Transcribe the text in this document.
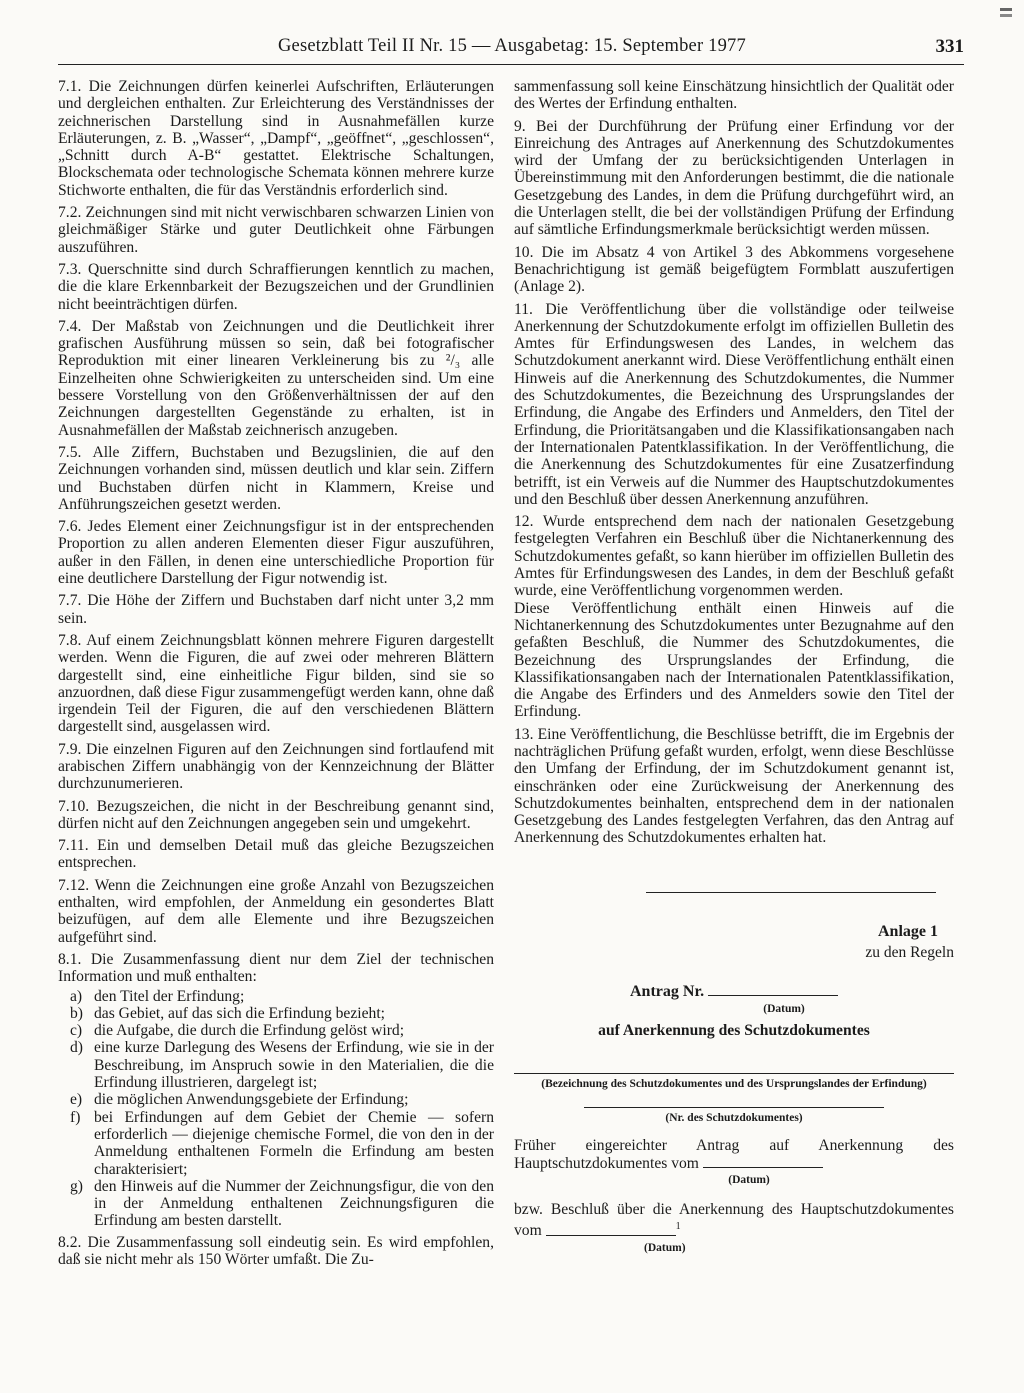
Gesetzblatt Teil II Nr. 15 — Ausgabetag: 15. September 1977	331

7.1. Die Zeichnungen dürfen keinerlei Aufschriften, Erläuterungen und dergleichen enthalten. Zur Erleichterung des Verständnisses der zeichnerischen Darstellung sind in Ausnahmefällen kurze Erläuterungen, z. B. „Wasser“, „Dampf“, „geöffnet“, „geschlossen“, „Schnitt durch A-B“ gestattet. Elektrische Schaltungen, Blockschemata oder technologische Schemata können mehrere kurze Stichworte enthalten, die für das Verständnis erforderlich sind.

7.2. Zeichnungen sind mit nicht verwischbaren schwarzen Linien von gleichmäßiger Stärke und guter Deutlichkeit ohne Färbungen auszuführen.

7.3. Querschnitte sind durch Schraffierungen kenntlich zu machen, die die klare Erkennbarkeit der Bezugszeichen und der Grundlinien nicht beeinträchtigen dürfen.

7.4. Der Maßstab von Zeichnungen und die Deutlichkeit ihrer grafischen Ausführung müssen so sein, daß bei fotografischer Reproduktion mit einer linearen Verkleinerung bis zu ²/₃ alle Einzelheiten ohne Schwierigkeiten zu unterscheiden sind. Um eine bessere Vorstellung von den Größenverhältnissen der auf den Zeichnungen dargestellten Gegenstände zu erhalten, ist in Ausnahmefällen der Maßstab zeichnerisch anzugeben.

7.5. Alle Ziffern, Buchstaben und Bezugslinien, die auf den Zeichnungen vorhanden sind, müssen deutlich und klar sein. Ziffern und Buchstaben dürfen nicht in Klammern, Kreise und Anführungszeichen gesetzt werden.

7.6. Jedes Element einer Zeichnungsfigur ist in der entsprechenden Proportion zu allen anderen Elementen dieser Figur auszuführen, außer in den Fällen, in denen eine unterschiedliche Proportion für eine deutlichere Darstellung der Figur notwendig ist.

7.7. Die Höhe der Ziffern und Buchstaben darf nicht unter 3,2 mm sein.

7.8. Auf einem Zeichnungsblatt können mehrere Figuren dargestellt werden. Wenn die Figuren, die auf zwei oder mehreren Blättern dargestellt sind, eine einheitliche Figur bilden, sind sie so anzuordnen, daß diese Figur zusammengefügt werden kann, ohne daß irgendein Teil der Figuren, die auf den verschiedenen Blättern dargestellt sind, ausgelassen wird.

7.9. Die einzelnen Figuren auf den Zeichnungen sind fortlaufend mit arabischen Ziffern unabhängig von der Kennzeichnung der Blätter durchzunumerieren.

7.10. Bezugszeichen, die nicht in der Beschreibung genannt sind, dürfen nicht auf den Zeichnungen angegeben sein und umgekehrt.

7.11. Ein und demselben Detail muß das gleiche Bezugszeichen entsprechen.

7.12. Wenn die Zeichnungen eine große Anzahl von Bezugszeichen enthalten, wird empfohlen, der Anmeldung ein gesondertes Blatt beizufügen, auf dem alle Elemente und ihre Bezugszeichen aufgeführt sind.

8.1. Die Zusammenfassung dient nur dem Ziel der technischen Information und muß enthalten:

a) den Titel der Erfindung;
b) das Gebiet, auf das sich die Erfindung bezieht;
c) die Aufgabe, die durch die Erfindung gelöst wird;
d) eine kurze Darlegung des Wesens der Erfindung, wie sie in der Beschreibung, im Anspruch sowie in den Materialien, die die Erfindung illustrieren, dargelegt ist;
e) die möglichen Anwendungsgebiete der Erfindung;
f) bei Erfindungen auf dem Gebiet der Chemie — sofern erforderlich — diejenige chemische Formel, die von den in der Anmeldung enthaltenen Formeln die Erfindung am besten charakterisiert;
g) den Hinweis auf die Nummer der Zeichnungsfigur, die von den in der Anmeldung enthaltenen Zeichnungsfiguren die Erfindung am besten darstellt.

8.2. Die Zusammenfassung soll eindeutig sein. Es wird empfohlen, daß sie nicht mehr als 150 Wörter umfaßt. Die Zu-

sammenfassung soll keine Einschätzung hinsichtlich der Qualität oder des Wertes der Erfindung enthalten.

9. Bei der Durchführung der Prüfung einer Erfindung vor der Einreichung des Antrages auf Anerkennung des Schutzdokumentes wird der Umfang der zu berücksichtigenden Unterlagen in Übereinstimmung mit den Anforderungen bestimmt, die die nationale Gesetzgebung des Landes, in dem die Prüfung durchgeführt wird, an die Unterlagen stellt, die bei der vollständigen Prüfung der Erfindung auf sämtliche Erfindungsmerkmale berücksichtigt werden müssen.

10. Die im Absatz 4 von Artikel 3 des Abkommens vorgesehene Benachrichtigung ist gemäß beigefügtem Formblatt auszufertigen (Anlage 2).

11. Die Veröffentlichung über die vollständige oder teilweise Anerkennung der Schutzdokumente erfolgt im offiziellen Bulletin des Amtes für Erfindungswesen des Landes, in welchem das Schutzdokument anerkannt wird. Diese Veröffentlichung enthält einen Hinweis auf die Anerkennung des Schutzdokumentes, die Nummer des Schutzdokumentes, die Bezeichnung des Ursprungslandes der Erfindung, die Angabe des Erfinders und Anmelders, den Titel der Erfindung, die Prioritätsangaben und die Klassifikationsangaben nach der Internationalen Patentklassifikation. In der Veröffentlichung, die die Anerkennung des Schutzdokumentes für eine Zusatzerfindung betrifft, ist ein Verweis auf die Nummer des Hauptschutzdokumentes und den Beschluß über dessen Anerkennung anzuführen.

12. Wurde entsprechend dem nach der nationalen Gesetzgebung festgelegten Verfahren ein Beschluß über die Nichtanerkennung des Schutzdokumentes gefaßt, so kann hierüber im offiziellen Bulletin des Amtes für Erfindungswesen des Landes, in dem der Beschluß gefaßt wurde, eine Veröffentlichung vorgenommen werden.

Diese Veröffentlichung enthält einen Hinweis auf die Nichtanerkennung des Schutzdokumentes unter Bezugnahme auf den gefaßten Beschluß, die Nummer des Schutzdokumentes, die Bezeichnung des Ursprungslandes der Erfindung, die Klassifikationsangaben nach der Internationalen Patentklassifikation, die Angabe des Erfinders und des Anmelders sowie den Titel der Erfindung.

13. Eine Veröffentlichung, die Beschlüsse betrifft, die im Ergebnis der nachträglichen Prüfung gefaßt wurden, erfolgt, wenn diese Beschlüsse den Umfang der Erfindung, der im Schutzdokument genannt ist, einschränken oder eine Zurückweisung der Anerkennung des Schutzdokumentes beinhalten, entsprechend dem in der nationalen Gesetzgebung des Landes festgelegten Verfahren, das den Antrag auf Anerkennung des Schutzdokumentes erhalten hat.

Anlage 1
zu den Regeln
Antrag Nr.
(Datum)
auf Anerkennung des Schutzdokumentes
(Bezeichnung des Schutzdokumentes und des Ursprungslandes der Erfindung)
(Nr. des Schutzdokumentes)

Früher eingereichter Antrag auf Anerkennung des Hauptschutzdokumentes vom

(Datum)

bzw. Beschluß über die Anerkennung des Hauptschutzdokumentes vom	$^1$

(Datum)
